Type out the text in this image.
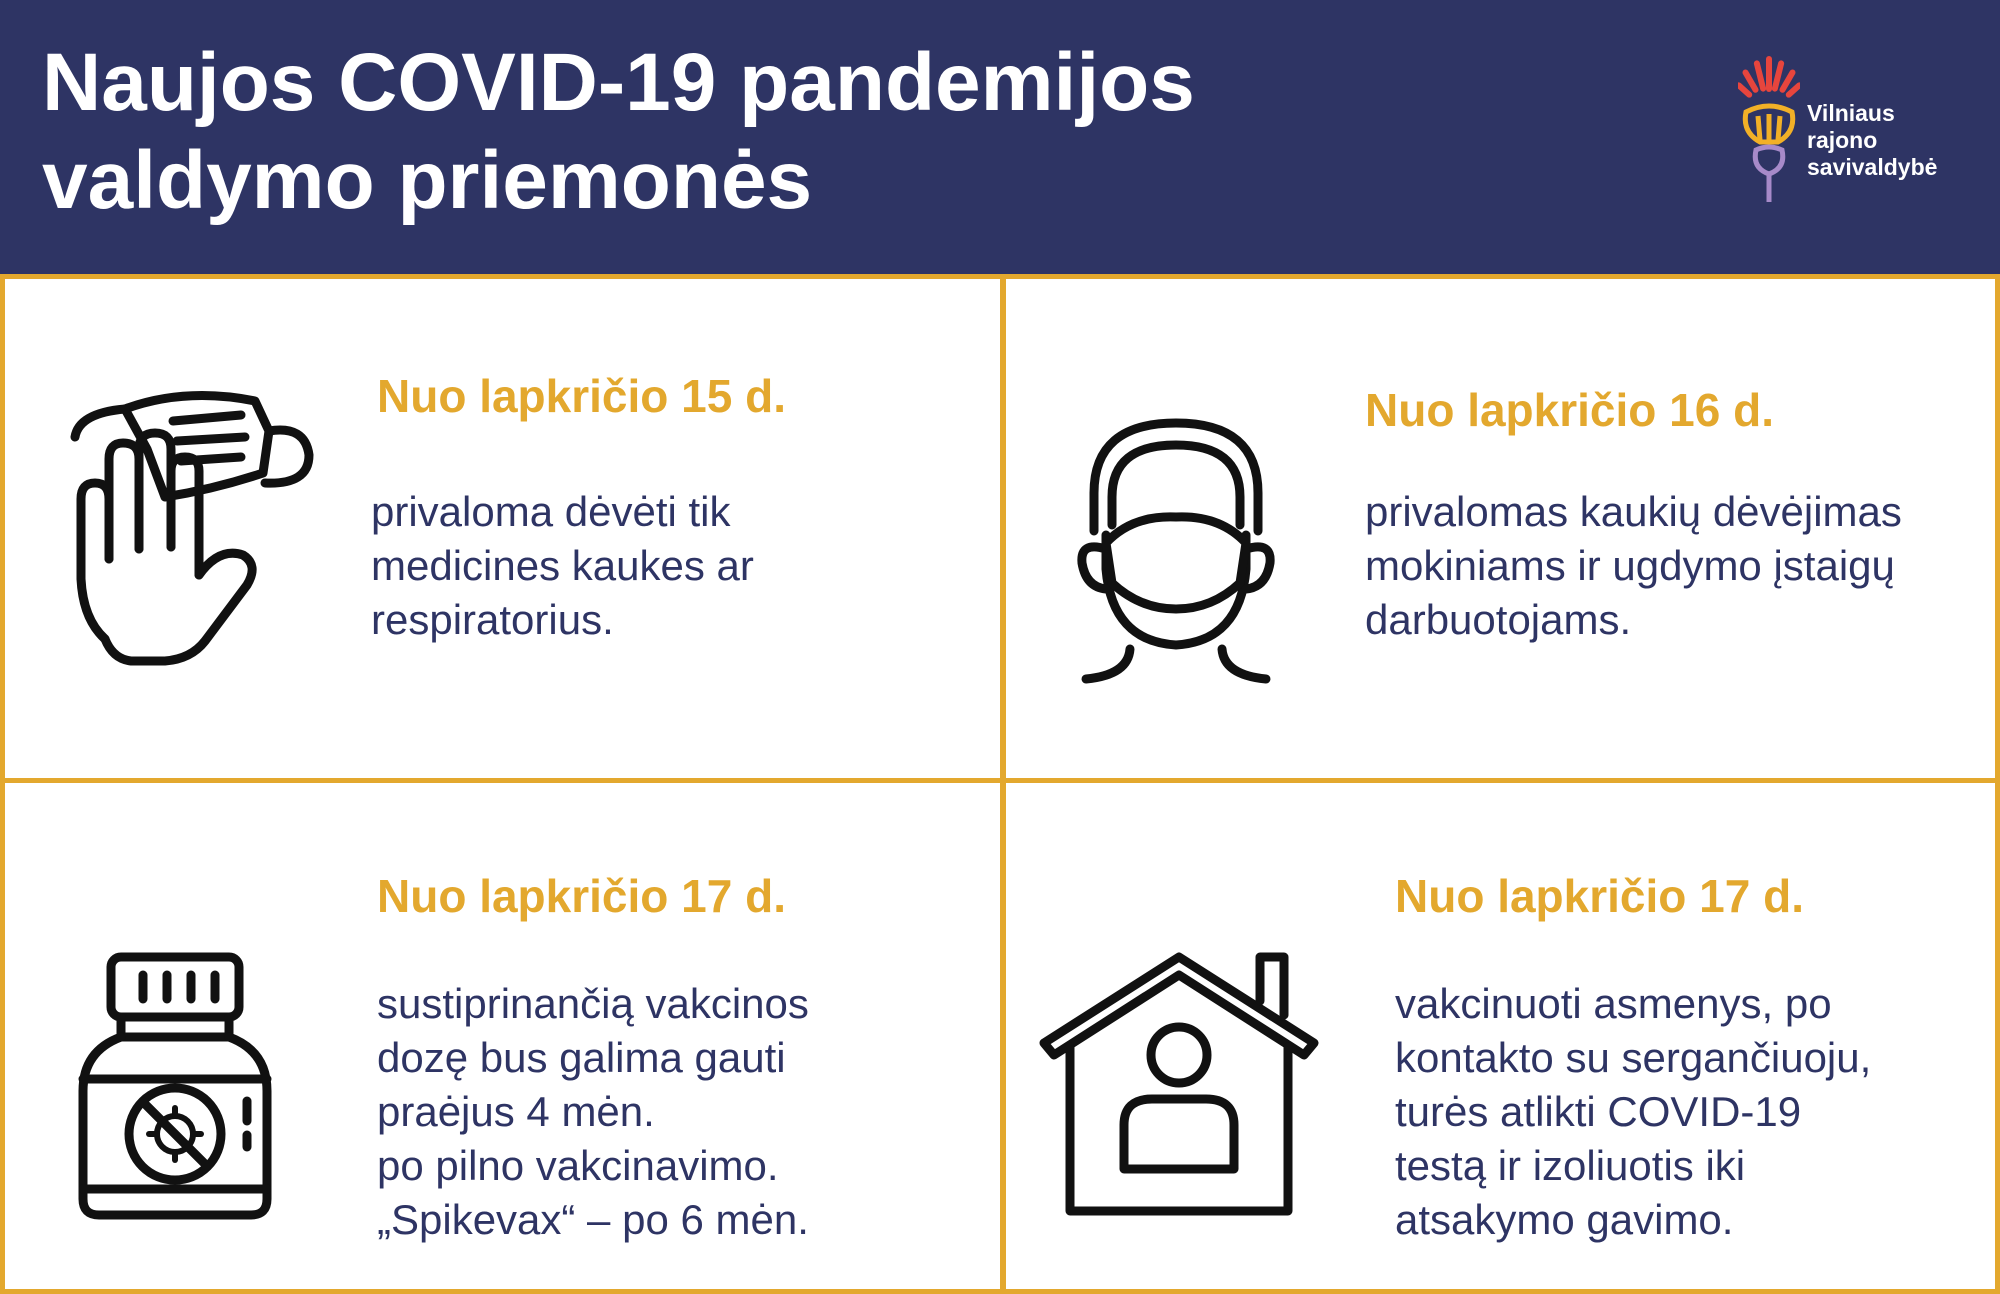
Naujos COVID-19 pandemijos
valdymo priemonės
Vilniaus
rajono
savivaldybė

Nuo lapkričio 15 d.

privaloma dėvėti tik
medicines kaukes ar
respiratorius.

Nuo lapkričio 16 d.

privalomas kaukių dėvėjimas
mokiniams ir ugdymo įstaigų
darbuotojams.

Nuo lapkričio 17 d.

sustiprinančią vakcinos
dozę bus galima gauti
praėjus 4 mėn.
po pilno vakcinavimo.
„Spikevax“ – po 6 mėn.

Nuo lapkričio 17 d.

vakcinuoti asmenys, po
kontakto su sergančiuoju,
turės atlikti COVID-19
testą ir izoliuotis iki
atsakymo gavimo.
